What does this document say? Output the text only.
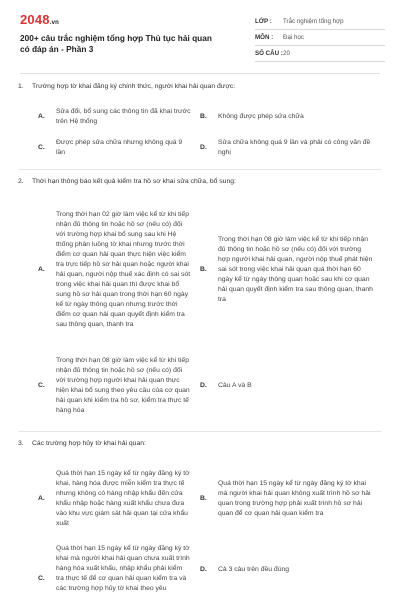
2048.vn
200+ câu trắc nghiệm tổng hợp Thủ tục hải quan có đáp án - Phần 3
LỚP :	Trắc nghiệm tổng hợp
MÔN :	Đại học
SỐ CÂU : 20
1.	Trường hợp tờ khai đăng ký chính thức, người khai hải quan được:
A.
Sửa đổi, bổ sung các thông tin đã khai trước trên Hệ thống
B.	Không được phép sửa chữa
C.
Được phép sửa chữa nhưng không quá 9 lần
D.
Sửa chữa không quá 9 lần và phải có công văn đề nghị
2.	Thời hạn thông báo kết quả kiểm tra hồ sơ khai sửa chữa, bổ sung:
A.
Trong thời hạn 02 giờ làm việc kể từ khi tiếp nhận đủ thông tin hoặc hồ sơ (nếu có) đối với trường hợp khai bổ sung sau khi Hệ thống phân luồng tờ khai nhưng trước thời điểm cơ quan hải quan thực hiện việc kiểm tra trực tiếp hồ sơ hải quan hoặc người khai hải quan, người nộp thuế xác định có sai sót trong việc khai hải quan thì được khai bổ sung hồ sơ hải quan trong thời hạn 60 ngày kể từ ngày thông quan nhưng trước thời điểm cơ quan hải quan quyết định kiểm tra sau thông quan, thanh tra
B.
Trong thời hạn 08 giờ làm việc kể từ khi tiếp nhận đủ thông tin hoặc hồ sơ (nếu có) đối với trường hợp người khai hải quan, người nộp thuế phát hiện sai sót trong việc khai hải quan quá thời hạn 60 ngày kể từ ngày thông quan hoặc sau khi cơ quan hải quan quyết định kiểm tra sau thông quan, thanh tra
C.
Trong thời hạn 08 giờ làm việc kể từ khi tiếp nhận đủ thông tin hoặc hồ sơ (nếu có) đối với trường hợp người khai hải quan thực hiện khai bổ sung theo yêu cầu của cơ quan hải quan khi kiểm tra hồ sơ, kiểm tra thực tế hàng hóa
D.	Câu A và B
3.	Các trường hợp hủy tờ khai hải quan:
A.
Quá thời hạn 15 ngày kể từ ngày đăng ký tờ khai, hàng hóa được miễn kiểm tra thực tế nhưng không có hàng nhập khẩu đến cửa khẩu nhập hoặc hàng xuất khẩu chưa đưa vào khu vực giám sát hải quan tại cửa khẩu xuất
B.
Quá thời hạn 15 ngày kể từ ngày đăng ký tờ khai mà người khai hải quan không xuất trình hồ sơ hải quan trong trường hợp phải xuất trình hồ sơ hải quan để cơ quan hải quan kiểm tra
C.
Quá thời hạn 15 ngày kể từ ngày đăng ký tờ khai mà người khai hải quan chưa xuất trình hàng hóa xuất khẩu, nhập khẩu phải kiểm tra thực tế để cơ quan hải quan kiểm tra và các trường hợp hủy tờ khai theo yêu
D.	Cả 3 câu trên đều đúng
